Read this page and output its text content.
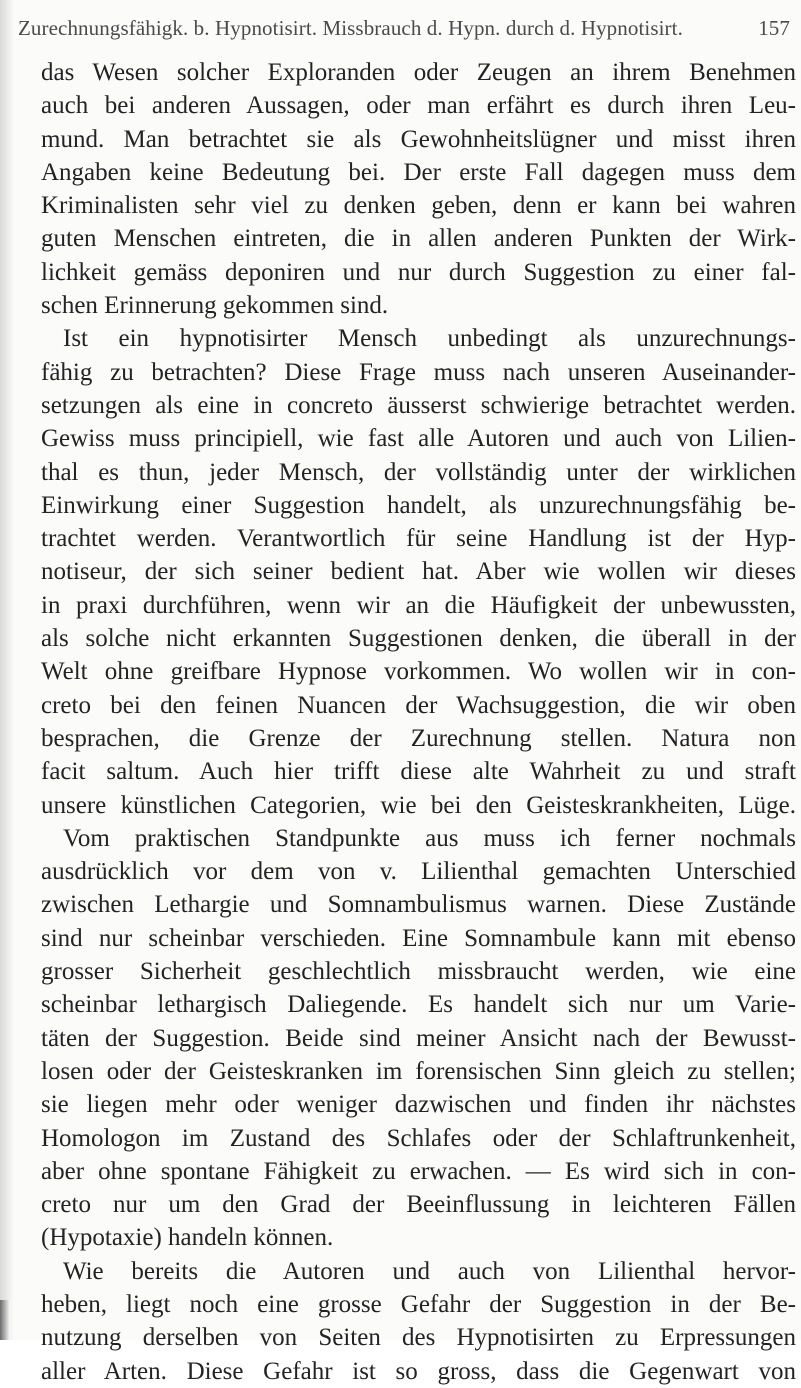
Zurechnungsfähigk. b. Hypnotisirt. Missbrauch d. Hypn. durch d. Hypnotisirt.	157
das Wesen solcher Exploranden oder Zeugen an ihrem Benehmen
auch bei anderen Aussagen, oder man erfährt es durch ihren Leu-
mund. Man betrachtet sie als Gewohnheitslügner und misst ihren
Angaben keine Bedeutung bei. Der erste Fall dagegen muss dem
Kriminalisten sehr viel zu denken geben, denn er kann bei wahren
guten Menschen eintreten, die in allen anderen Punkten der Wirk-
lichkeit gemäss deponiren und nur durch Suggestion zu einer fal-
schen Erinnerung gekommen sind.
Ist ein hypnotisirter Mensch unbedingt als unzurechnungs-
fähig zu betrachten? Diese Frage muss nach unseren Auseinander-
setzungen als eine in concreto äusserst schwierige betrachtet werden.
Gewiss muss principiell, wie fast alle Autoren und auch von Lilien-
thal es thun, jeder Mensch, der vollständig unter der wirklichen
Einwirkung einer Suggestion handelt, als unzurechnungsfähig be-
trachtet werden. Verantwortlich für seine Handlung ist der Hyp-
notiseur, der sich seiner bedient hat. Aber wie wollen wir dieses
in praxi durchführen, wenn wir an die Häufigkeit der unbewussten,
als solche nicht erkannten Suggestionen denken, die überall in der
Welt ohne greifbare Hypnose vorkommen. Wo wollen wir in con-
creto bei den feinen Nuancen der Wachsuggestion, die wir oben
besprachen, die Grenze der Zurechnung stellen. Natura non
facit saltum. Auch hier trifft diese alte Wahrheit zu und straft
unsere künstlichen Categorien, wie bei den Geisteskrankheiten, Lüge.
Vom praktischen Standpunkte aus muss ich ferner nochmals
ausdrücklich vor dem von v. Lilienthal gemachten Unterschied
zwischen Lethargie und Somnambulismus warnen. Diese Zustände
sind nur scheinbar verschieden. Eine Somnambule kann mit ebenso
grosser Sicherheit geschlechtlich missbraucht werden, wie eine
scheinbar lethargisch Daliegende. Es handelt sich nur um Varie-
täten der Suggestion. Beide sind meiner Ansicht nach der Bewusst-
losen oder der Geisteskranken im forensischen Sinn gleich zu stellen;
sie liegen mehr oder weniger dazwischen und finden ihr nächstes
Homologon im Zustand des Schlafes oder der Schlaftrunkenheit,
aber ohne spontane Fähigkeit zu erwachen. — Es wird sich in con-
creto nur um den Grad der Beeinflussung in leichteren Fällen
(Hypotaxie) handeln können.
Wie bereits die Autoren und auch von Lilienthal hervor-
heben, liegt noch eine grosse Gefahr der Suggestion in der Be-
nutzung derselben von Seiten des Hypnotisirten zu Erpressungen
aller Arten. Diese Gefahr ist so gross, dass die Gegenwart von
